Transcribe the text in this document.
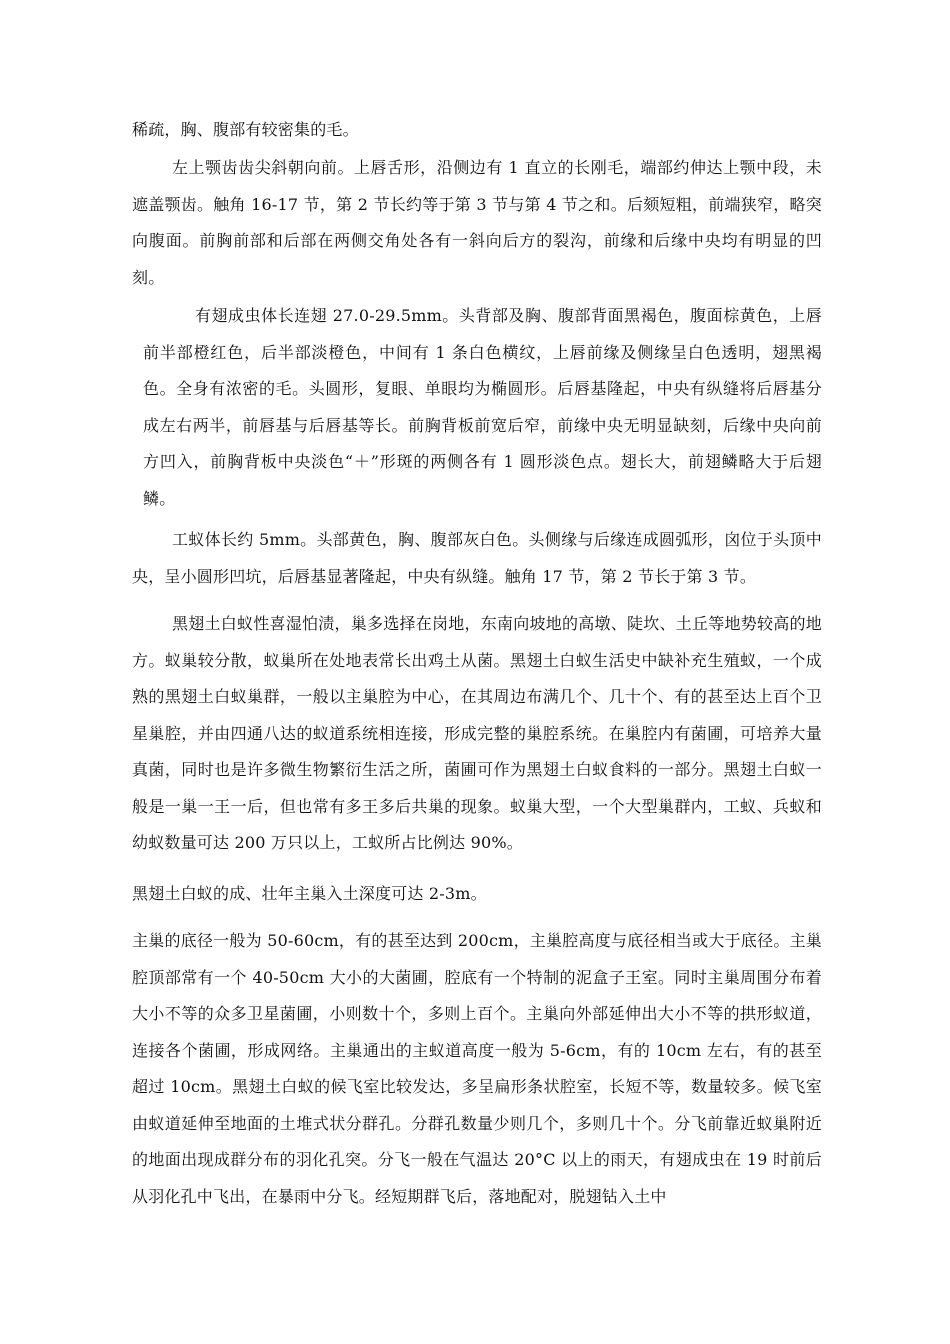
稀疏，胸、腹部有较密集的毛。

左上颚齿齿尖斜朝向前。上唇舌形，沿侧边有 1 直立的长刚毛，端部约伸达上颚中段，未遮盖颚齿。触角 16-17 节，第 2 节长约等于第 3 节与第 4 节之和。后颏短粗，前端狭窄，略突向腹面。前胸前部和后部在两侧交角处各有一斜向后方的裂沟，前缘和后缘中央均有明显的凹刻。

有翅成虫体长连翅 27.0-29.5mm。头背部及胸、腹部背面黑褐色，腹面棕黄色，上唇前半部橙红色，后半部淡橙色，中间有 1 条白色横纹，上唇前缘及侧缘呈白色透明，翅黑褐色。全身有浓密的毛。头圆形，复眼、单眼均为椭圆形。后唇基隆起，中央有纵缝将后唇基分成左右两半，前唇基与后唇基等长。前胸背板前宽后窄，前缘中央无明显缺刻，后缘中央向前方凹入，前胸背板中央淡色“＋”形斑的两侧各有 1 圆形淡色点。翅长大，前翅鳞略大于后翅鳞。

工蚁体长约 5mm。头部黄色，胸、腹部灰白色。头侧缘与后缘连成圆弧形，囟位于头顶中央，呈小圆形凹坑，后唇基显著隆起，中央有纵缝。触角 17 节，第 2 节长于第 3 节。

黑翅土白蚁性喜湿怕渍，巢多选择在岗地，东南向坡地的高墩、陡坎、土丘等地势较高的地方。蚁巢较分散，蚁巢所在处地表常长出鸡土从菌。黑翅土白蚁生活史中缺补充生殖蚁，一个成熟的黑翅土白蚁巢群，一般以主巢腔为中心，在其周边布满几个、几十个、有的甚至达上百个卫星巢腔，并由四通八达的蚁道系统相连接，形成完整的巢腔系统。在巢腔内有菌圃，可培养大量真菌，同时也是许多微生物繁衍生活之所，菌圃可作为黑翅土白蚁食料的一部分。黑翅土白蚁一般是一巢一王一后，但也常有多王多后共巢的现象。蚁巢大型，一个大型巢群内，工蚁、兵蚁和幼蚁数量可达 200 万只以上，工蚁所占比例达 90%。

黑翅土白蚁的成、壮年主巢入土深度可达 2-3m。

主巢的底径一般为 50-60cm，有的甚至达到 200cm，主巢腔高度与底径相当或大于底径。主巢腔顶部常有一个 40-50cm 大小的大菌圃，腔底有一个特制的泥盒子王室。同时主巢周围分布着大小不等的众多卫星菌圃，小则数十个，多则上百个。主巢向外部延伸出大小不等的拱形蚁道，连接各个菌圃，形成网络。主巢通出的主蚁道高度一般为 5-6cm，有的 10cm 左右，有的甚至超过 10cm。黑翅土白蚁的候飞室比较发达，多呈扁形条状腔室，长短不等，数量较多。候飞室由蚁道延伸至地面的土堆式状分群孔。分群孔数量少则几个，多则几十个。分飞前靠近蚁巢附近的地面出现成群分布的羽化孔突。分飞一般在气温达 20°C 以上的雨天，有翅成虫在 19 时前后从羽化孔中飞出，在暴雨中分飞。经短期群飞后，落地配对，脱翅钻入土中
